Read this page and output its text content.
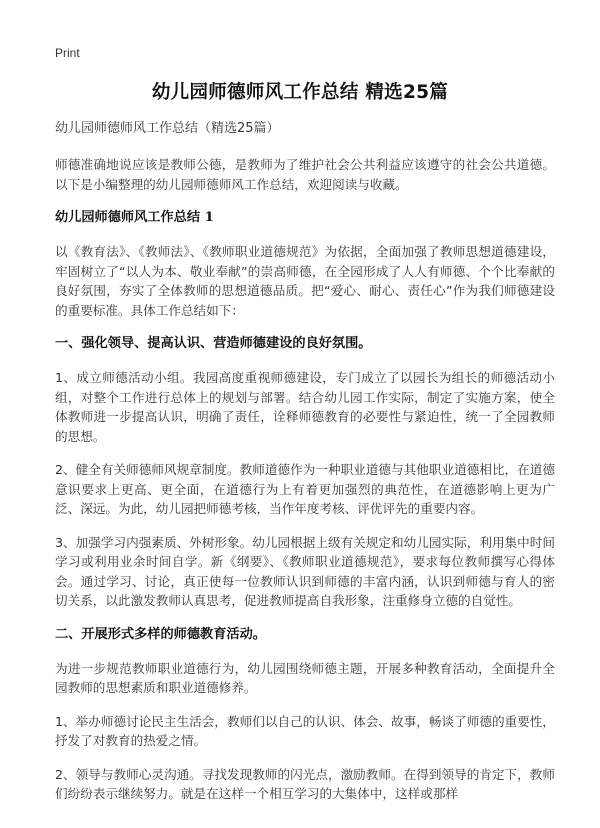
Print
幼儿园师德师风工作总结 精选25篇
幼儿园师德师风工作总结（精选25篇）

师德准确地说应该是教师公德，是教师为了维护社会公共利益应该遵守的社会公共道德。以下是小编整理的幼儿园师德师风工作总结，欢迎阅读与收藏。

幼儿园师德师风工作总结 1

以《教育法》、《教师法》、《教师职业道德规范》为依据，全面加强了教师思想道德建设，牢固树立了“以人为本、敬业奉献”的崇高师德，在全园形成了人人有师德、个个比奉献的良好氛围，夯实了全体教师的思想道德品质。把“爱心、耐心、责任心”作为我们师德建设的重要标准。具体工作总结如下：

一、强化领导、提高认识、营造师德建设的良好氛围。

1、成立师德活动小组。我园高度重视师德建设，专门成立了以园长为组长的师德活动小组，对整个工作进行总体上的规划与部署。结合幼儿园工作实际，制定了实施方案，使全体教师进一步提高认识，明确了责任，诠释师德教育的必要性与紧迫性，统一了全园教师的思想。

2、健全有关师德师风规章制度。教师道德作为一种职业道德与其他职业道德相比，在道德意识要求上更高、更全面，在道德行为上有着更加强烈的典范性，在道德影响上更为广泛、深远。为此，幼儿园把师德考核，当作年度考核、评优评先的重要内容。

3、加强学习内强素质、外树形象。幼儿园根据上级有关规定和幼儿园实际，利用集中时间学习或利用业余时间自学。新《纲要》、《教师职业道德规范》，要求每位教师撰写心得体会。通过学习、讨论，真正使每一位教师认识到师德的丰富内涵，认识到师德与育人的密切关系，以此激发教师认真思考，促进教师提高自我形象，注重修身立德的自觉性。

二、开展形式多样的师德教育活动。

为进一步规范教师职业道德行为，幼儿园围绕师德主题，开展多种教育活动，全面提升全园教师的思想素质和职业道德修养。

1、举办师德讨论民主生活会，教师们以自己的认识、体会、故事，畅谈了师德的重要性，抒发了对教育的热爱之情。

2、领导与教师心灵沟通。寻找发现教师的闪光点，激励教师。在得到领导的肯定下，教师们纷纷表示继续努力。就是在这样一个相互学习的大集体中，这样或那样
